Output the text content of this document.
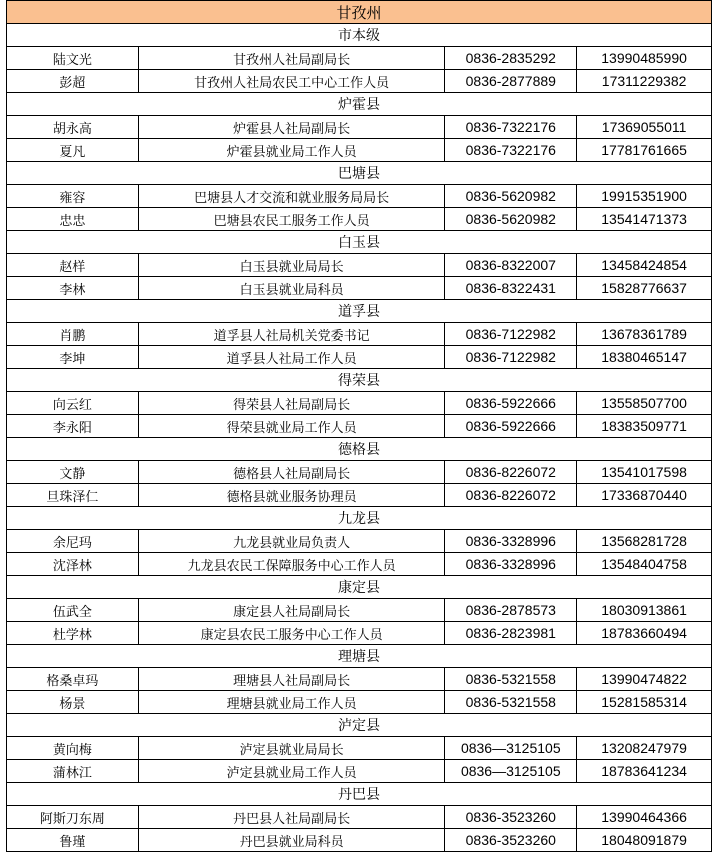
甘孜州
市本级
陆文光	甘孜州人社局副局长	0836-2835292	13990485990
彭超	甘孜州人社局农民工中心工作人员	0836-2877889	17311229382
炉霍县
胡永高	炉霍县人社局副局长	0836-7322176	17369055011
夏凡	炉霍县就业局工作人员	0836-7322176	17781761665
巴塘县
雍容	巴塘县人才交流和就业服务局局长	0836-5620982	19915351900
忠忠	巴塘县农民工服务工作人员	0836-5620982	13541471373
白玉县
赵样	白玉县就业局局长	0836-8322007	13458424854
李林	白玉县就业局科员	0836-8322431	15828776637
道孚县
肖鹏	道孚县人社局机关党委书记	0836-7122982	13678361789
李坤	道孚县人社局工作人员	0836-7122982	18380465147
得荣县
向云红	得荣县人社局副局长	0836-5922666	13558507700
李永阳	得荣县就业局工作人员	0836-5922666	18383509771
德格县
文静	德格县人社局副局长	0836-8226072	13541017598
旦珠泽仁	德格县就业服务协理员	0836-8226072	17336870440
九龙县
余尼玛	九龙县就业局负责人	0836-3328996	13568281728
沈泽林	九龙县农民工保障服务中心工作人员	0836-3328996	13548404758
康定县
伍武全	康定县人社局副局长	0836-2878573	18030913861
杜学林	康定县农民工服务中心工作人员	0836-2823981	18783660494
理塘县
格桑卓玛	理塘县人社局副局长	0836-5321558	13990474822
杨景	理塘县就业局工作人员	0836-5321558	15281585314
泸定县
黄向梅	泸定县就业局局长	0836—3125105	13208247979
蒲林江	泸定县就业局工作人员	0836—3125105	18783641234
丹巴县
阿斯刀东周	丹巴县人社局副局长	0836-3523260	13990464366
鲁瑾	丹巴县就业局科员	0836-3523260	18048091879
